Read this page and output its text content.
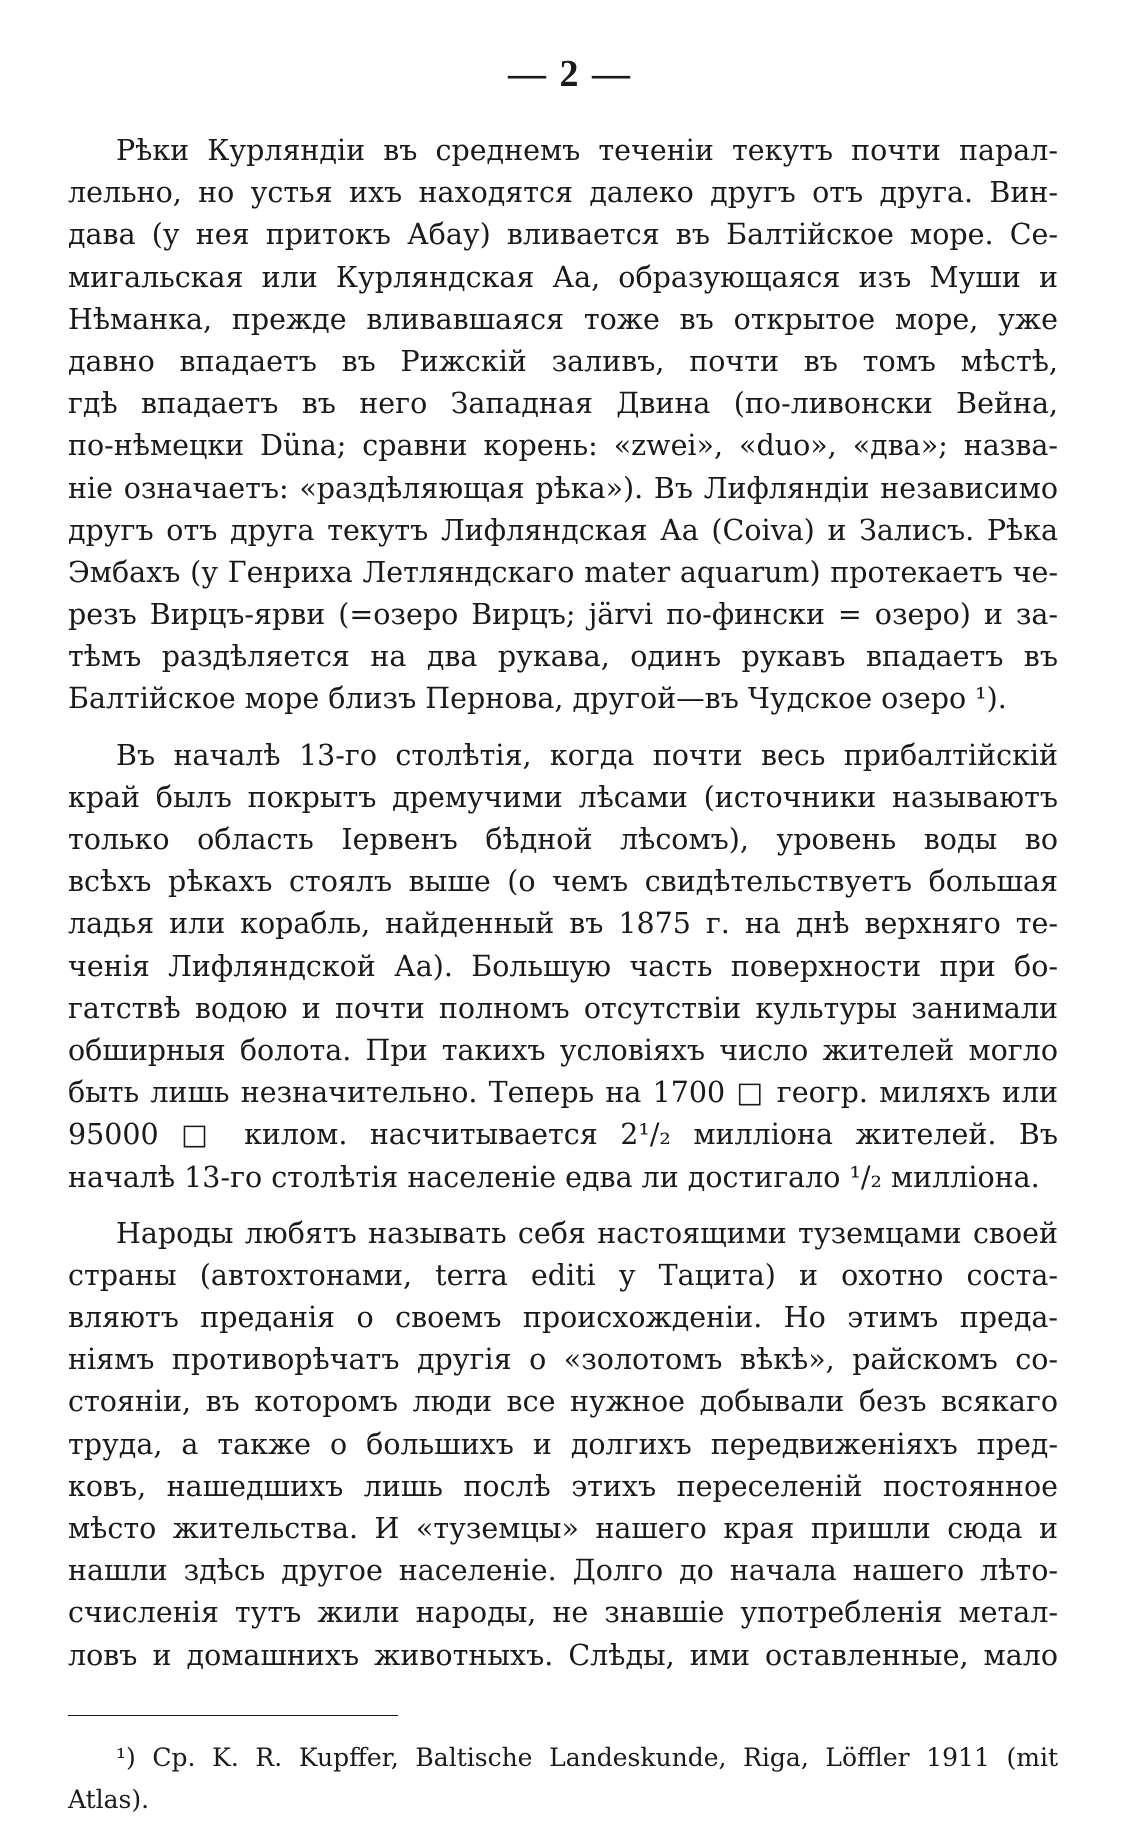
— 2 —
Рѣки Курляндіи въ среднемъ теченіи текутъ почти парал-
лельно, но устья ихъ находятся далеко другъ отъ друга. Вин-
дава (у нея притокъ Абау) вливается въ Балтійское море. Се-
мигальская или Курляндская Аа, образующаяся изъ Муши и
Нѣманка, прежде вливавшаяся тоже въ открытое море, уже
давно впадаетъ въ Рижскій заливъ, почти въ томъ мѣстѣ,
гдѣ впадаетъ въ него Западная Двина (по-ливонски Вейна,
по-нѣмецки Düna; сравни корень: «zwei», «duo», «два»; назва-
ніе означаетъ: «раздѣляющая рѣка»). Въ Лифляндіи независимо
другъ отъ друга текутъ Лифляндская Аа (Coiva) и Залисъ. Рѣка
Эмбахъ (у Генриха Летляндскаго mater aquarum) протекаетъ че-
резъ Вирцъ-ярви (=озеро Вирцъ; järvi по-фински = озеро) и за-
тѣмъ раздѣляется на два рукава, одинъ рукавъ впадаетъ въ
Балтійское море близъ Пернова, другой—въ Чудское озеро ¹).
Въ началѣ 13-го столѣтія, когда почти весь прибалтійскій
край былъ покрытъ дремучими лѣсами (источники называютъ
только область Іервенъ бѣдной лѣсомъ), уровень воды во
всѣхъ рѣкахъ стоялъ выше (о чемъ свидѣтельствуетъ большая
ладья или корабль, найденный въ 1875 г. на днѣ верхняго те-
ченія Лифляндской Аа). Большую часть поверхности при бо-
гатствѣ водою и почти полномъ отсутствіи культуры занимали
обширныя болота. При такихъ условіяхъ число жителей могло
быть лишь незначительно. Теперь на 1700 □ геогр. миляхъ или
95000 □ килом. насчитывается 2¹/₂ милліона жителей. Въ
началѣ 13-го столѣтія населеніе едва ли достигало ¹/₂ милліона.
Народы любятъ называть себя настоящими туземцами своей
страны (автохтонами, terra editi у Тацита) и охотно соста-
вляютъ преданія о своемъ происхожденіи. Но этимъ преда-
ніямъ противорѣчатъ другія о «золотомъ вѣкѣ», райскомъ со-
стояніи, въ которомъ люди все нужное добывали безъ всякаго
труда, а также о большихъ и долгихъ передвиженіяхъ пред-
ковъ, нашедшихъ лишь послѣ этихъ переселеній постоянное
мѣсто жительства. И «туземцы» нашего края пришли сюда и
нашли здѣсь другое населеніе. Долго до начала нашего лѣто-
счисленія тутъ жили народы, не знавшіе употребленія метал-
ловъ и домашнихъ животныхъ. Слѣды, ими оставленные, мало
¹) Cp. K. R. Kupffer, Baltische Landeskunde, Riga, Löffler 1911 (mit
Atlas).
